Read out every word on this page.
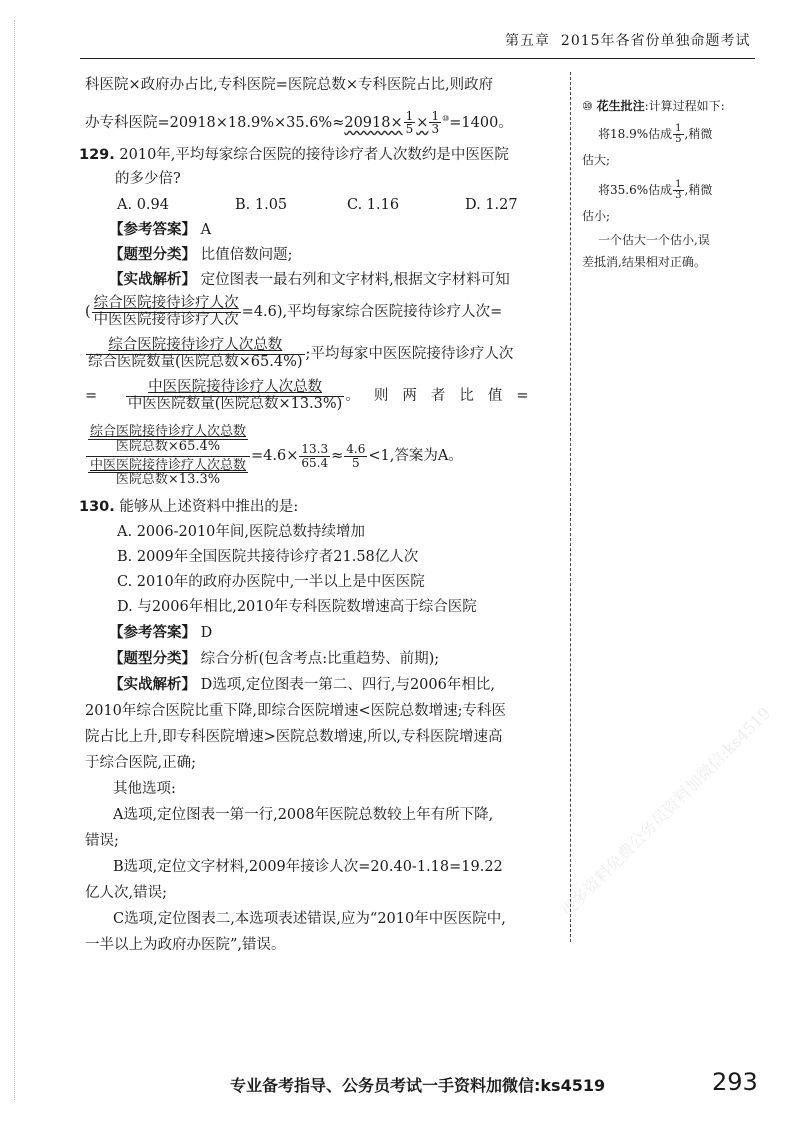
第五章 2015年各省份单独命题考试
科医院×政府办占比,专科医院=医院总数×专科医院占比,则政府
办专科医院$=20918\times 18.9\%\times 35.6\%\approx 20918\times \frac{1}{5} \times \frac{1}{3} ^⑩=1400$。
129. 2010年,平均每家综合医院的接待诊疗者人次数约是中医医院
的多少倍?
A. 0.94	B. 1.05	C. 1.16	D. 1.27
【参考答案】 A
【题型分类】 比值倍数问题;
【实战解析】 定位图表一最右列和文字材料,根据文字材料可知
( $\frac{\text{综合医院接待诊疗人次}}{\text{中医医院接待诊疗人次}} =4.6$),平均每家综合医院接待诊疗人次=
$\frac{\text{综合医院接待诊疗人次总数}}{\text{综合医院数量(医院总数×65.4\%)}}$ ;平均每家中医医院接待诊疗人次
= $\frac{\text{中医医院接待诊疗人次总数}}{\text{中医医院数量(医院总数×13.3\%)}}$ 。则两者比值=
$\frac{\frac{\text{综合医院接待诊疗人次总数}}{\text{医院总数×65.4\%}}}{\frac{\text{中医医院接待诊疗人次总数}}{\text{医院总数×13.3\%}}} =4.6\times \frac{13.3}{65.4} \approx \frac{4.6}{5} <1$,答案为A。
130. 能够从上述资料中推出的是:
A. 2006-2010年间,医院总数持续增加
B. 2009年全国医院共接待诊疗者21.58亿人次
C. 2010年的政府办医院中,一半以上是中医医院
D. 与2006年相比,2010年专科医院数增速高于综合医院
【参考答案】 D
【题型分类】 综合分析(包含考点:比重趋势、前期);
【实战解析】 D选项,定位图表一第二、四行,与2006年相比,
2010年综合医院比重下降,即综合医院增速<医院总数增速;专科医
院占比上升,即专科医院增速>医院总数增速,所以,专科医院增速高
于综合医院,正确;
其他选项:
A选项,定位图表一第一行,2008年医院总数较上年有所下降,
错误;
B选项,定位文字材料,2009年接诊人次=20.40-1.18=19.22
亿人次,错误;
C选项,定位图表二,本选项表述错误,应为“2010年中医医院中,
一半以上为政府办医院”,错误。
⑩ 花生批注:计算过程如下:
将18.9%估成 $\frac{1}{5}$ ,稍微
估大;
将35.6%估成 $\frac{1}{3}$ ,稍微
估小;
一个估大一个估小,误
差抵消,结果相对正确。
更多资料免费公务员资料加微信:ks4519
专业备考指导、公务员考试一手资料加微信:ks4519	293
